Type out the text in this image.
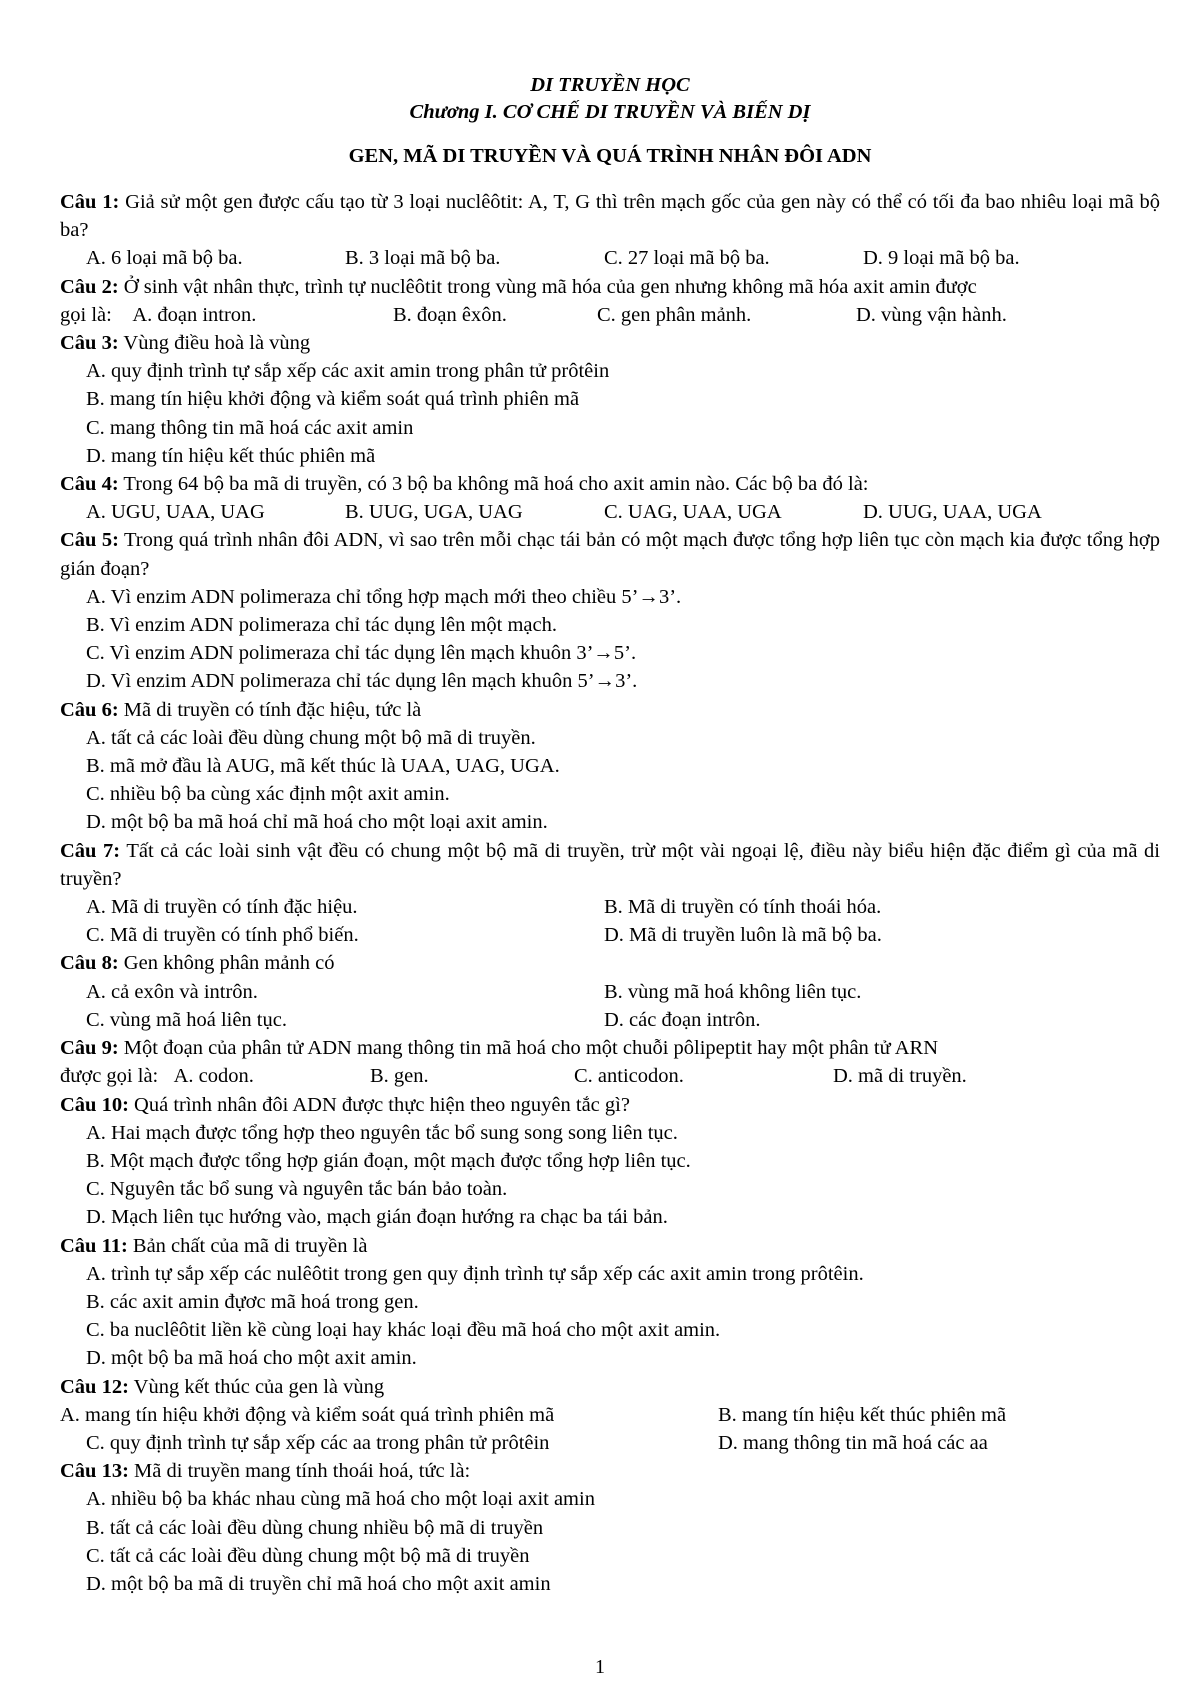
DI TRUYỀN HỌC
Chương I. CƠ CHẾ DI TRUYỀN VÀ BIẾN DỊ
GEN, MÃ DI TRUYỀN VÀ QUÁ TRÌNH NHÂN ĐÔI ADN
Câu 1: Giả sử một gen được cấu tạo từ 3 loại nuclêôtit: A, T, G thì trên mạch gốc của gen này có thể có tối đa bao nhiêu loại mã bộ ba?
A. 6 loại mã bộ ba.	B. 3 loại mã bộ ba.	C. 27 loại mã bộ ba.	D. 9 loại mã bộ ba.
Câu 2: Ở sinh vật nhân thực, trình tự nuclêôtit trong vùng mã hóa của gen nhưng không mã hóa axit amin được
gọi là: A. đoạn intron.	B. đoạn êxôn.	C. gen phân mảnh.	D. vùng vận hành.
Câu 3: Vùng điều hoà là vùng
A. quy định trình tự sắp xếp các axit amin trong phân tử prôtêin
B. mang tín hiệu khởi động và kiểm soát quá trình phiên mã
C. mang thông tin mã hoá các axit amin
D. mang tín hiệu kết thúc phiên mã
Câu 4: Trong 64 bộ ba mã di truyền, có 3 bộ ba không mã hoá cho axit amin nào. Các bộ ba đó là:
A. UGU, UAA, UAG	B. UUG, UGA, UAG	C. UAG, UAA, UGA	D. UUG, UAA, UGA
Câu 5: Trong quá trình nhân đôi ADN, vì sao trên mỗi chạc tái bản có một mạch được tổng hợp liên tục còn mạch kia được tổng hợp gián đoạn?
A. Vì enzim ADN polimeraza chỉ tổng hợp mạch mới theo chiều 5’→3’.
B. Vì enzim ADN polimeraza chỉ tác dụng lên một mạch.
C. Vì enzim ADN polimeraza chỉ tác dụng lên mạch khuôn 3’→5’.
D. Vì enzim ADN polimeraza chỉ tác dụng lên mạch khuôn 5’→3’.
Câu 6: Mã di truyền có tính đặc hiệu, tức là
A. tất cả các loài đều dùng chung một bộ mã di truyền.
B. mã mở đầu là AUG, mã kết thúc là UAA, UAG, UGA.
C. nhiều bộ ba cùng xác định một axit amin.
D. một bộ ba mã hoá chỉ mã hoá cho một loại axit amin.
Câu 7: Tất cả các loài sinh vật đều có chung một bộ mã di truyền, trừ một vài ngoại lệ, điều này biểu hiện đặc điểm gì của mã di truyền?
A. Mã di truyền có tính đặc hiệu.	B. Mã di truyền có tính thoái hóa.
C. Mã di truyền có tính phổ biến.	D. Mã di truyền luôn là mã bộ ba.
Câu 8: Gen không phân mảnh có
A. cả exôn và intrôn.	B. vùng mã hoá không liên tục.
C. vùng mã hoá liên tục.	D. các đoạn intrôn.
Câu 9: Một đoạn của phân tử ADN mang thông tin mã hoá cho một chuỗi pôlipeptit hay một phân tử ARN
được gọi là: A. codon.	B. gen.	C. anticodon.	D. mã di truyền.
Câu 10: Quá trình nhân đôi ADN được thực hiện theo nguyên tắc gì?
A. Hai mạch được tổng hợp theo nguyên tắc bổ sung song song liên tục.
B. Một mạch được tổng hợp gián đoạn, một mạch được tổng hợp liên tục.
C. Nguyên tắc bổ sung và nguyên tắc bán bảo toàn.
D. Mạch liên tục hướng vào, mạch gián đoạn hướng ra chạc ba tái bản.
Câu 11: Bản chất của mã di truyền là
A. trình tự sắp xếp các nulêôtit trong gen quy định trình tự sắp xếp các axit amin trong prôtêin.
B. các axit amin đựơc mã hoá trong gen.
C. ba nuclêôtit liền kề cùng loại hay khác loại đều mã hoá cho một axit amin.
D. một bộ ba mã hoá cho một axit amin.
Câu 12: Vùng kết thúc của gen là vùng
A. mang tín hiệu khởi động và kiểm soát quá trình phiên mã	B. mang tín hiệu kết thúc phiên mã
C. quy định trình tự sắp xếp các aa trong phân tử prôtêin	D. mang thông tin mã hoá các aa
Câu 13: Mã di truyền mang tính thoái hoá, tức là:
A. nhiều bộ ba khác nhau cùng mã hoá cho một loại axit amin
B. tất cả các loài đều dùng chung nhiều bộ mã di truyền
C. tất cả các loài đều dùng chung một bộ mã di truyền
D. một bộ ba mã di truyền chỉ mã hoá cho một axit amin
1
